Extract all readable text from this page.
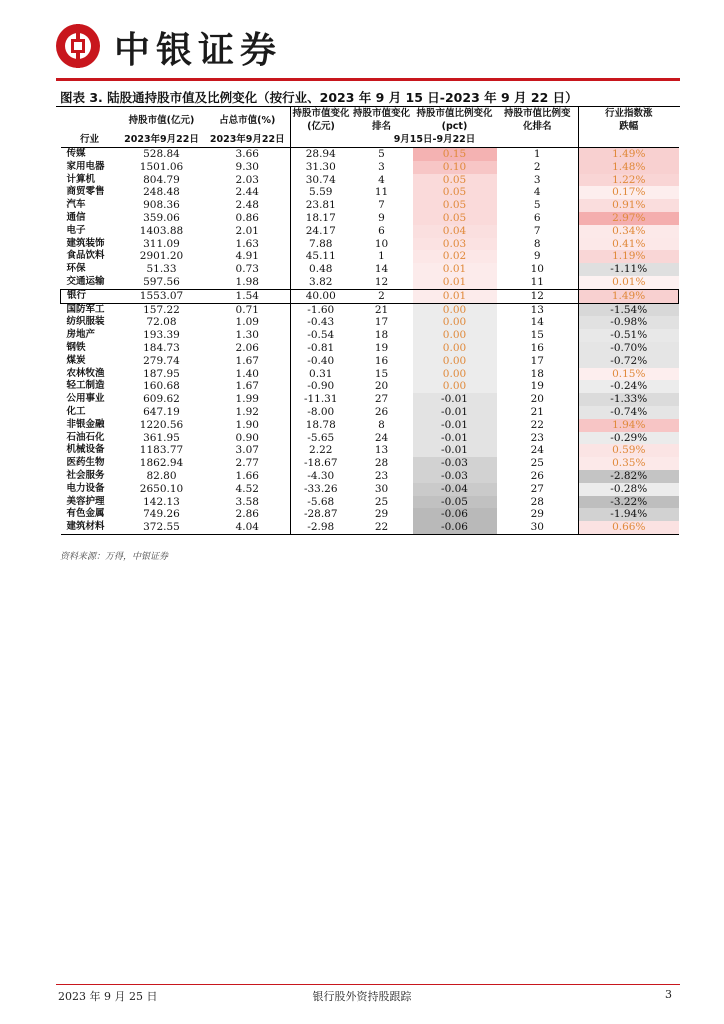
中银证券
图表 3. 陆股通持股市值及比例变化（按行业、2023 年 9 月 15 日-2023 年 9 月 22 日）
	持股市值(亿元)	占总市值(%)	持股市值变化(亿元)	持股市值变化排名	持股市值比例变化(pct)	持股市值比例变化排名	行业指数涨跌幅

行业	2023年9月22日	2023年9月22日	9月15日-9月22日				
传媒	528.84	3.66	28.94	5	0.15	1	1.49%
家用电器	1501.06	9.30	31.30	3	0.10	2	1.48%
计算机	804.79	2.03	30.74	4	0.05	3	1.22%
商贸零售	248.48	2.44	5.59	11	0.05	4	0.17%
汽车	908.36	2.48	23.81	7	0.05	5	0.91%
通信	359.06	0.86	18.17	9	0.05	6	2.97%
电子	1403.88	2.01	24.17	6	0.04	7	0.34%
建筑装饰	311.09	1.63	7.88	10	0.03	8	0.41%
食品饮料	2901.20	4.91	45.11	1	0.02	9	1.19%
环保	51.33	0.73	0.48	14	0.01	10	-1.11%
交通运输	597.56	1.98	3.82	12	0.01	11	0.01%
银行	1553.07	1.54	40.00	2	0.01	12	1.49%
国防军工	157.22	0.71	-1.60	21	0.00	13	-1.54%
纺织服装	72.08	1.09	-0.43	17	0.00	14	-0.98%
房地产	193.39	1.30	-0.54	18	0.00	15	-0.51%
钢铁	184.73	2.06	-0.81	19	0.00	16	-0.70%
煤炭	279.74	1.67	-0.40	16	0.00	17	-0.72%
农林牧渔	187.95	1.40	0.31	15	0.00	18	0.15%
轻工制造	160.68	1.67	-0.90	20	0.00	19	-0.24%
公用事业	609.62	1.99	-11.31	27	-0.01	20	-1.33%
化工	647.19	1.92	-8.00	26	-0.01	21	-0.74%
非银金融	1220.56	1.90	18.78	8	-0.01	22	1.94%
石油石化	361.95	0.90	-5.65	24	-0.01	23	-0.29%
机械设备	1183.77	3.07	2.22	13	-0.01	24	0.59%
医药生物	1862.94	2.77	-18.67	28	-0.03	25	0.35%
社会服务	82.80	1.66	-4.30	23	-0.03	26	-2.82%
电力设备	2650.10	4.52	-33.26	30	-0.04	27	-0.28%
美容护理	142.13	3.58	-5.68	25	-0.05	28	-3.22%
有色金属	749.26	2.86	-28.87	29	-0.06	29	-1.94%
建筑材料	372.55	4.04	-2.98	22	-0.06	30	0.66%
资料来源：万得，中银证券
2023 年 9 月 25 日	银行股外资持股跟踪	3
